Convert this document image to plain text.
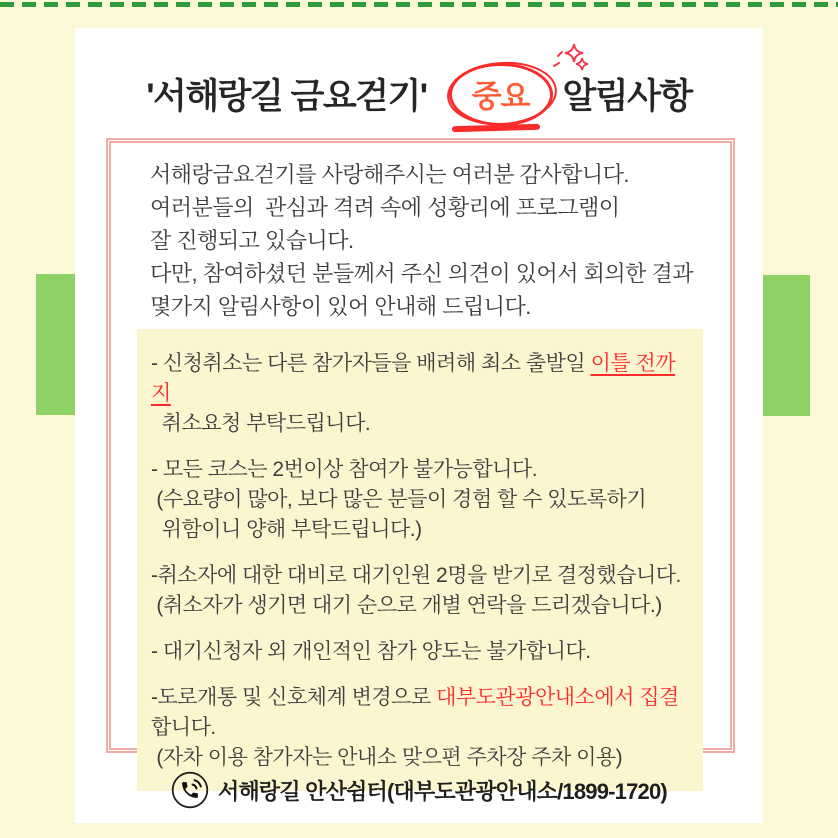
'서해랑길 금요걷기'	중요 알림사항
서해랑금요걷기를 사랑해주시는 여러분 감사합니다.
여러분들의  관심과 격려 속에 성황리에 프로그램이
잘 진행되고 있습니다.
다만, 참여하셨던 분들께서 주신 의견이 있어서 회의한 결과
몇가지 알림사항이 있어 안내해 드립니다.

- 신청취소는 다른 참가자들을 배려해 최소 출발일 이틀 전까지
취소요청 부탁드립니다.

- 모든 코스는 2번이상 참여가 불가능합니다.
(수요량이 많아, 보다 많은 분들이 경험 할 수 있도록하기
위함이니 양해 부탁드립니다.)

-취소자에 대한 대비로 대기인원 2명을 받기로 결정했습니다.
(취소자가 생기면 대기 순으로 개별 연락을 드리겠습니다.)

- 대기신청자 외 개인적인 참가 양도는 불가합니다.

-도로개통 및 신호체계 변경으로 대부도관광안내소에서 집결합니다.
(자차 이용 참가자는 안내소 맞으편 주차장 주차 이용)

서해랑길 안산쉼터(대부도관광안내소/1899-1720)
